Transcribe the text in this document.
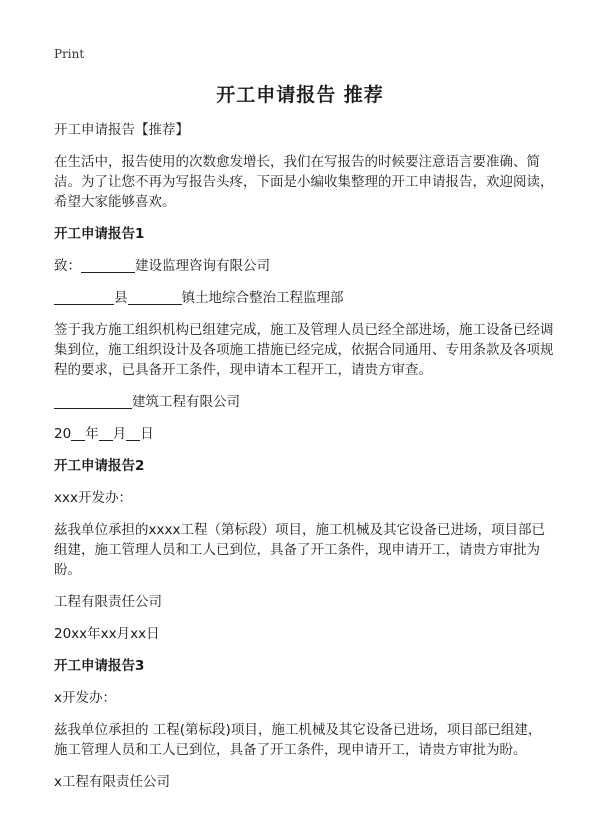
Print
开工申请报告 推荐

开工申请报告【推荐】

在生活中，报告使用的次数愈发增长，我们在写报告的时候要注意语言要准确、简洁。为了让您不再为写报告头疼，下面是小编收集整理的开工申请报告，欢迎阅读，希望大家能够喜欢。

开工申请报告1

致：	建设监理咨询有限公司

县	镇土地综合整治工程监理部

签于我方施工组织机构已组建完成，施工及管理人员已经全部进场，施工设备已经调集到位，施工组织设计及各项施工措施已经完成，依据合同通用、专用条款及各项规程的要求，已具备开工条件，现申请本工程开工，请贵方审查。

建筑工程有限公司

20 年 月 日

开工申请报告2

xxx开发办：

兹我单位承担的xxxx工程（第标段）项目，施工机械及其它设备已进场，项目部已组建，施工管理人员和工人已到位，具备了开工条件，现申请开工，请贵方审批为盼。

工程有限责任公司

20xx年xx月xx日

开工申请报告3

x开发办：

兹我单位承担的 工程(第标段)项目，施工机械及其它设备已进场，项目部已组建，施工管理人员和工人已到位，具备了开工条件，现申请开工，请贵方审批为盼。

x工程有限责任公司
